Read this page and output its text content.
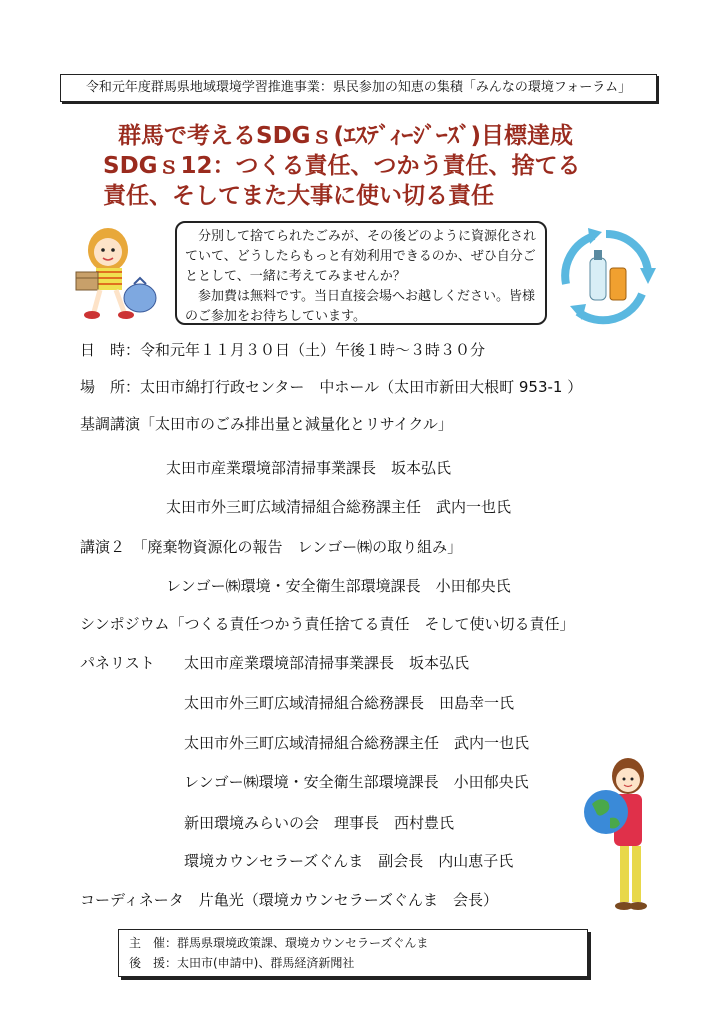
令和元年度群馬県地域環境学習推進事業：県民参加の知恵の集積「みんなの環境フォーラム」
群馬で考えるSDGｓ(ｴｽﾃﾞｨｰｼﾞｰｽﾞ)目標達成
SDGｓ12：つくる責任、つかう責任、捨てる
責任、そしてまた大事に使い切る責任

分別して捨てられたごみが、その後どのように資源化されていて、どうしたらもっと有効利用できるのか、ぜひ自分ごととして、一緒に考えてみませんか？

参加費は無料です。当日直接会場へお越しください。皆様のご参加をお待ちしています。

日　時：令和元年１１月３０日（土）午後１時～３時３０分
場　所：太田市綿打行政センター　中ホール（太田市新田大根町 953-1 ）
基調講演「太田市のごみ排出量と減量化とリサイクル」
太田市産業環境部清掃事業課長　坂本弘氏
太田市外三町広域清掃組合総務課主任　武内一也氏
講演２　「廃棄物資源化の報告　レンゴー㈱の取り組み」
レンゴー㈱環境・安全衛生部環境課長　小田郁央氏
シンポジウム「つくる責任つかう責任捨てる責任　そして使い切る責任」
パネリスト 太田市産業環境部清掃事業課長　坂本弘氏
太田市外三町広域清掃組合総務課長　田島幸一氏
太田市外三町広域清掃組合総務課主任　武内一也氏
レンゴー㈱環境・安全衛生部環境課長　小田郁央氏
新田環境みらいの会　理事長　西村豊氏
環境カウンセラーズぐんま　副会長　内山恵子氏
コーディネータ　片亀光（環境カウンセラーズぐんま　会長）
主　催：群馬県環境政策課、環境カウンセラーズぐんま
後　援：太田市(申請中)、群馬経済新聞社
